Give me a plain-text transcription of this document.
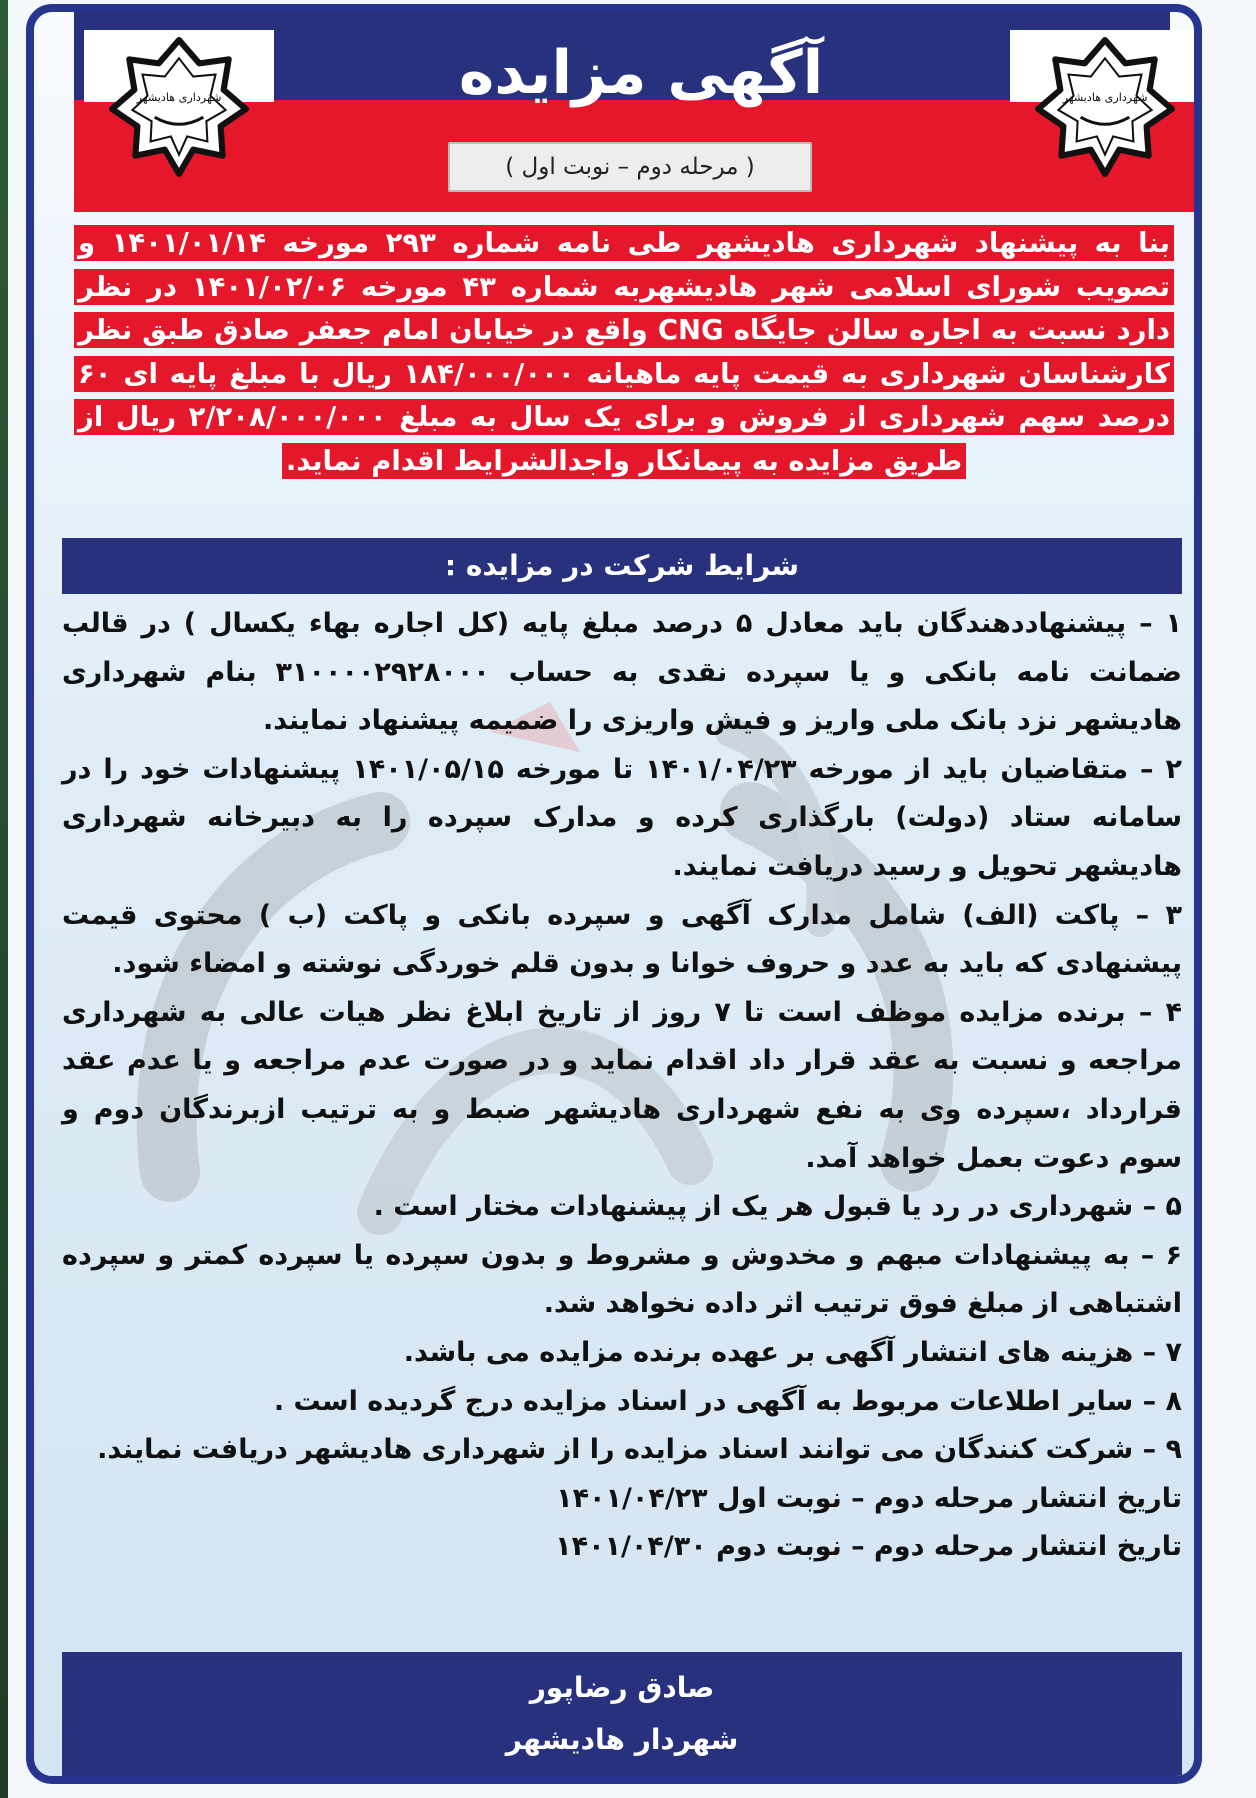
شهرداری هادیشهر	شهرداری هادیشهر
آگهی مزایده
( مرحله دوم – نوبت اول )
بنا به پیشنهاد شهرداری هادیشهر طی نامه شماره ۲۹۳ مورخه ۱۴۰۱/۰۱/۱۴ و تصویب شورای اسلامی شهر هادیشهربه شماره ۴۳ مورخه ۱۴۰۱/۰۲/۰۶ در نظر دارد نسبت به اجاره سالن جایگاه CNG واقع در خیابان امام جعفر صادق طبق نظر کارشناسان شهرداری به قیمت پایه ماهیانه ۱۸۴/۰۰۰/۰۰۰ ریال با مبلغ پایه ای ۶۰ درصد سهم شهرداری از فروش و برای یک سال به مبلغ ۲/۲۰۸/۰۰۰/۰۰۰ ریال از طریق مزایده به پیمانکار واجدالشرایط اقدام نماید.
شرایط شرکت در مزایده :

۱ – پیشنهاددهندگان باید معادل ۵ درصد مبلغ پایه (کل اجاره بهاء یکسال ) در قالب ضمانت نامه بانکی و یا سپرده نقدی به حساب ۳۱۰۰۰۰۲۹۲۸۰۰۰ بنام شهرداری هادیشهر نزد بانک ملی واریز و فیش واریزی را ضمیمه پیشنهاد نمایند.

۲ – متقاضیان باید از مورخه ۱۴۰۱/۰۴/۲۳ تا مورخه ۱۴۰۱/۰۵/۱۵ پیشنهادات خود را در سامانه ستاد (دولت) بارگذاری کرده و مدارک سپرده را به دبیرخانه شهرداری هادیشهر تحویل و رسید دریافت نمایند.

۳ – پاکت (الف) شامل مدارک آگهی و سپرده بانکی و پاکت (ب ) محتوی قیمت پیشنهادی که باید به عدد و حروف خوانا و بدون قلم خوردگی نوشته و امضاء شود.

۴ – برنده مزایده موظف است تا ۷ روز از تاریخ ابلاغ نظر هیات عالی به شهرداری مراجعه و نسبت به عقد قرار داد اقدام نماید و در صورت عدم مراجعه و یا عدم عقد قرارداد ،سپرده وی به نفع شهرداری هادیشهر ضبط و به ترتیب ازبرندگان دوم و سوم دعوت بعمل خواهد آمد.

۵ – شهرداری در رد یا قبول هر یک از پیشنهادات مختار است .

۶ – به پیشنهادات مبهم و مخدوش و مشروط و بدون سپرده یا سپرده کمتر و سپرده اشتباهی از مبلغ فوق ترتیب اثر داده نخواهد شد.

۷ – هزینه های انتشار آگهی بر عهده برنده مزایده می باشد.

۸ – سایر اطلاعات مربوط به آگهی در اسناد مزایده درج گردیده است .

۹ – شرکت کنندگان می توانند اسناد مزایده را از شهرداری هادیشهر دریافت نمایند.

تاریخ انتشار مرحله دوم – نوبت اول ۱۴۰۱/۰۴/۲۳

تاریخ انتشار مرحله دوم – نوبت دوم ۱۴۰۱/۰۴/۳۰

صادق رضاپور
شهردار هادیشهر
